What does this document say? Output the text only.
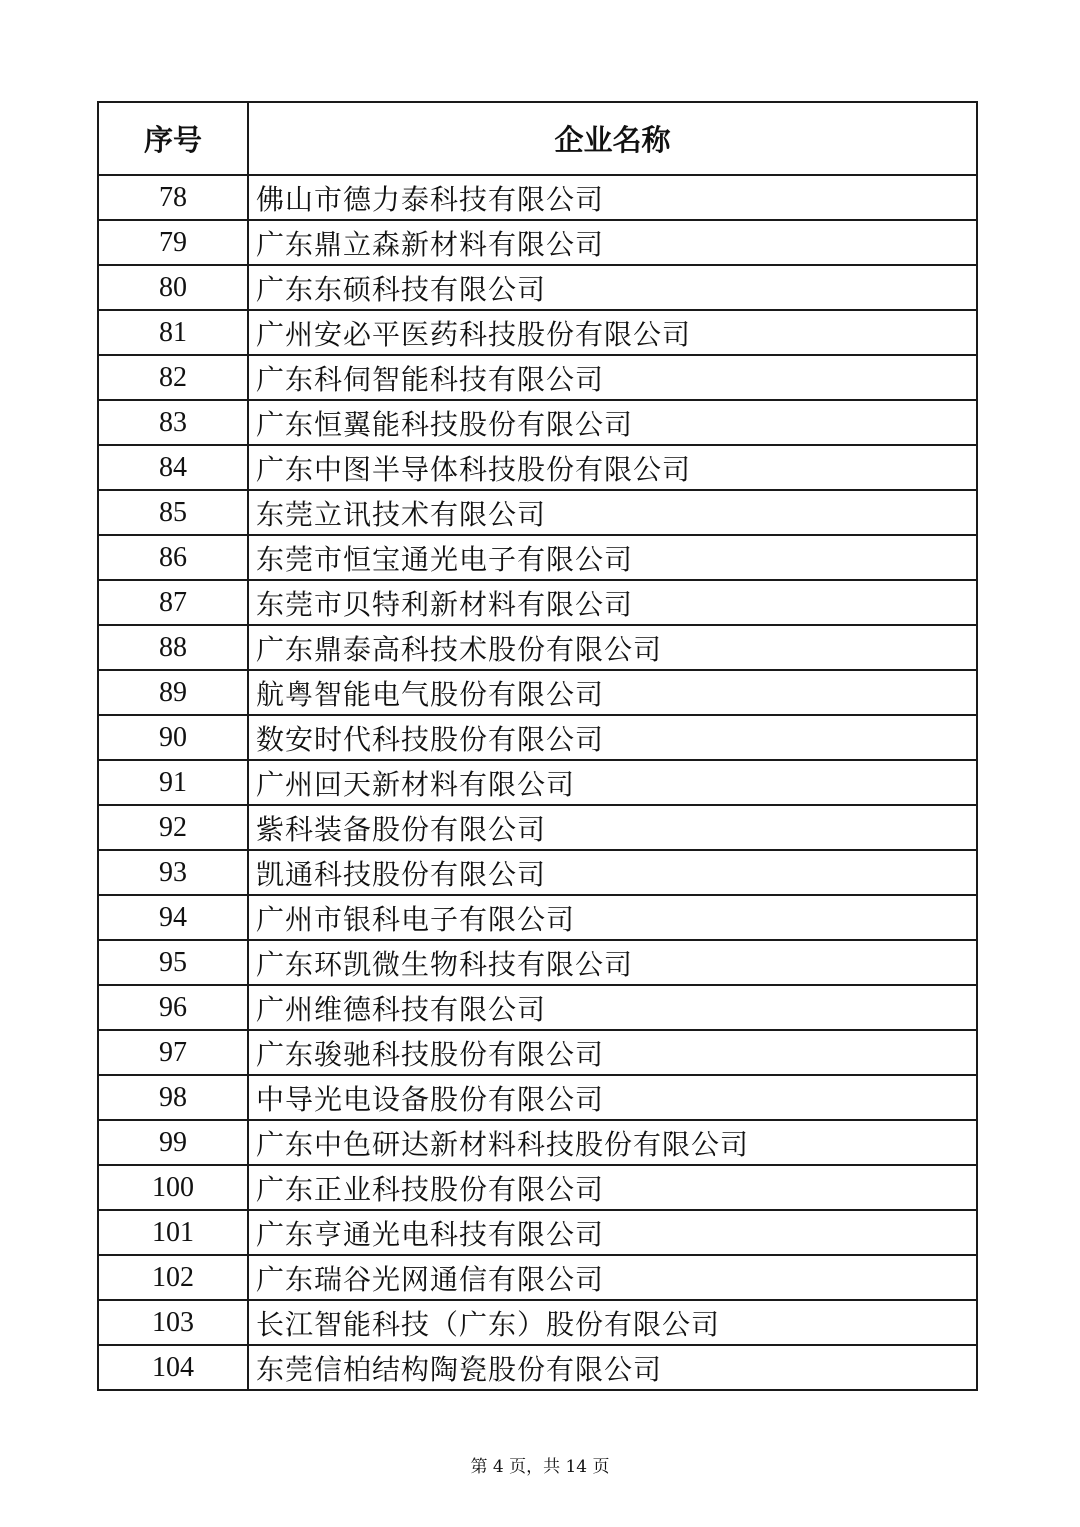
序号	企业名称
78	佛山市德力泰科技有限公司
79	广东鼎立森新材料有限公司
80	广东东硕科技有限公司
81	广州安必平医药科技股份有限公司
82	广东科伺智能科技有限公司
83	广东恒翼能科技股份有限公司
84	广东中图半导体科技股份有限公司
85	东莞立讯技术有限公司
86	东莞市恒宝通光电子有限公司
87	东莞市贝特利新材料有限公司
88	广东鼎泰高科技术股份有限公司
89	航粤智能电气股份有限公司
90	数安时代科技股份有限公司
91	广州回天新材料有限公司
92	紫科装备股份有限公司
93	凯通科技股份有限公司
94	广州市银科电子有限公司
95	广东环凯微生物科技有限公司
96	广州维德科技有限公司
97	广东骏驰科技股份有限公司
98	中导光电设备股份有限公司
99	广东中色研达新材料科技股份有限公司
100	广东正业科技股份有限公司
101	广东亨通光电科技有限公司
102	广东瑞谷光网通信有限公司
103	长江智能科技（广东）股份有限公司
104	东莞信柏结构陶瓷股份有限公司
第 4 页，共 14 页
